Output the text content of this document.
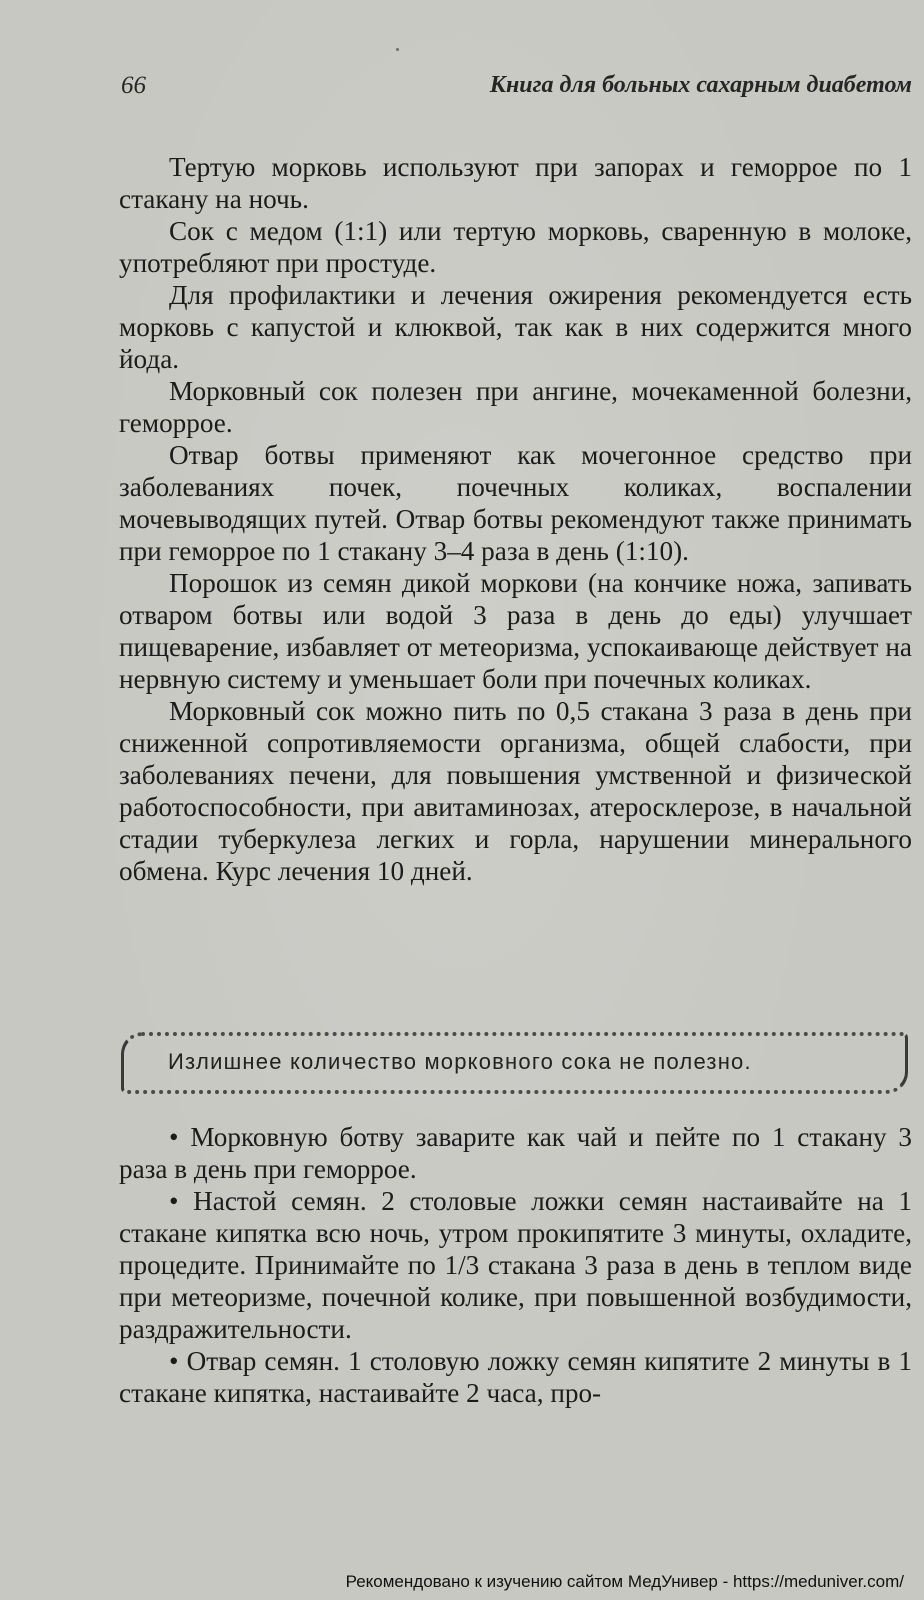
66	Книга для больных сахарным диабетом

Тертую морковь используют при запорах и геморрое по 1 стакану на ночь.

Сок с медом (1:1) или тертую морковь, сваренную в молоке, употребляют при простуде.

Для профилактики и лечения ожирения рекомендуется есть морковь с капустой и клюквой, так как в них содержится много йода.

Морковный сок полезен при ангине, мочекаменной болезни, геморрое.

Отвар ботвы применяют как мочегонное средство при заболеваниях почек, почечных коликах, воспалении мочевыводящих путей. Отвар ботвы рекомендуют также принимать при геморрое по 1 стакану 3–4 раза в день (1:10).

Порошок из семян дикой моркови (на кончике ножа, запивать отваром ботвы или водой 3 раза в день до еды) улучшает пищеварение, избавляет от метеоризма, успокаивающе действует на нервную систему и уменьшает боли при почечных коликах.

Морковный сок можно пить по 0,5 стакана 3 раза в день при сниженной сопротивляемости организма, общей слабости, при заболеваниях печени, для повышения умственной и физической работоспособности, при авитаминозах, атеросклерозе, в начальной стадии туберкулеза легких и горла, нарушении минерального обмена. Курс лечения 10 дней.

Излишнее количество морковного сока не полезно.

• Морковную ботву заварите как чай и пейте по 1 стакану 3 раза в день при геморрое.

• Настой семян. 2 столовые ложки семян настаивайте на 1 стакане кипятка всю ночь, утром прокипятите 3 минуты, охладите, процедите. Принимайте по 1/3 стакана 3 раза в день в теплом виде при метеоризме, почечной колике, при повышенной возбудимости, раздражительности.

• Отвар семян. 1 столовую ложку семян кипятите 2 минуты в 1 стакане кипятка, настаивайте 2 часа, про-

Рекомендовано к изучению сайтом МедУнивер - https://meduniver.com/
